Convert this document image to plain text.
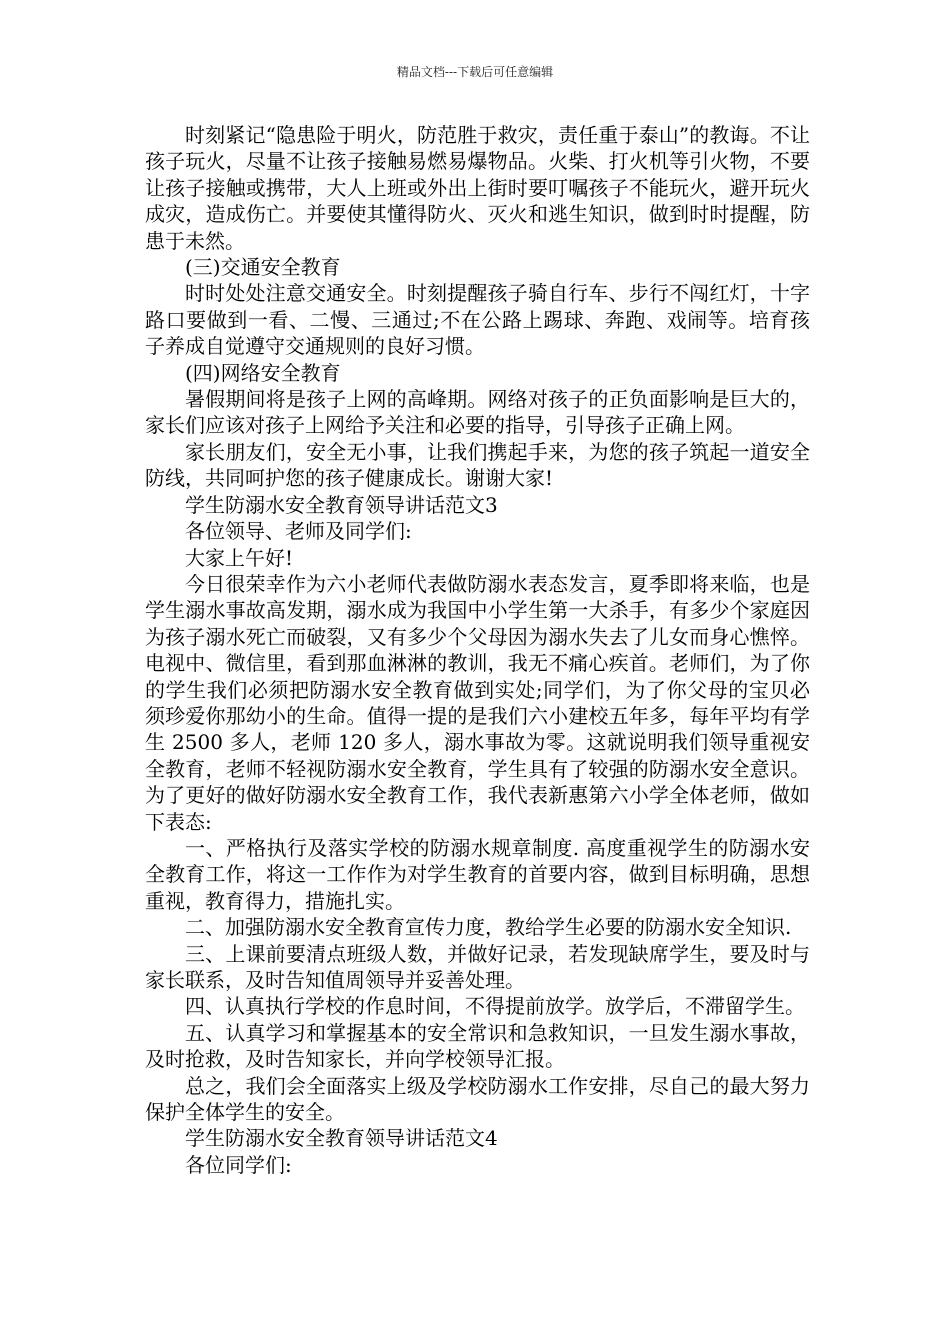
精品文档---下载后可任意编辑

时刻紧记“隐患险于明火，防范胜于救灾，责任重于泰山”的教诲。不让孩子玩火，尽量不让孩子接触易燃易爆物品。火柴、打火机等引火物，不要让孩子接触或携带，大人上班或外出上街时要叮嘱孩子不能玩火，避开玩火成灾，造成伤亡。并要使其懂得防火、灭火和逃生知识，做到时时提醒，防患于未然。

(三)交通安全教育

时时处处注意交通安全。时刻提醒孩子骑自行车、步行不闯红灯，十字路口要做到一看、二慢、三通过;不在公路上踢球、奔跑、戏闹等。培育孩子养成自觉遵守交通规则的良好习惯。

(四)网络安全教育

暑假期间将是孩子上网的高峰期。网络对孩子的正负面影响是巨大的，家长们应该对孩子上网给予关注和必要的指导，引导孩子正确上网。

家长朋友们，安全无小事，让我们携起手来，为您的孩子筑起一道安全防线，共同呵护您的孩子健康成长。谢谢大家!

学生防溺水安全教育领导讲话范文3

各位领导、老师及同学们:

大家上午好!

今日很荣幸作为六小老师代表做防溺水表态发言，夏季即将来临，也是学生溺水事故高发期，溺水成为我国中小学生第一大杀手，有多少个家庭因为孩子溺水死亡而破裂，又有多少个父母因为溺水失去了儿女而身心憔悴。电视中、微信里，看到那血淋淋的教训，我无不痛心疾首。老师们，为了你的学生我们必须把防溺水安全教育做到实处;同学们，为了你父母的宝贝必须珍爱你那幼小的生命。值得一提的是我们六小建校五年多，每年平均有学生 2500 多人，老师 120 多人，溺水事故为零。这就说明我们领导重视安全教育，老师不轻视防溺水安全教育，学生具有了较强的防溺水安全意识。为了更好的做好防溺水安全教育工作，我代表新惠第六小学全体老师，做如下表态:

一、严格执行及落实学校的防溺水规章制度. 高度重视学生的防溺水安全教育工作，将这一工作作为对学生教育的首要内容，做到目标明确，思想重视，教育得力，措施扎实。

二、加强防溺水安全教育宣传力度，教给学生必要的防溺水安全知识.

三、上课前要清点班级人数，并做好记录，若发现缺席学生，要及时与家长联系，及时告知值周领导并妥善处理。

四、认真执行学校的作息时间，不得提前放学。放学后，不滞留学生。

五、认真学习和掌握基本的安全常识和急救知识，一旦发生溺水事故，及时抢救，及时告知家长，并向学校领导汇报。

总之，我们会全面落实上级及学校防溺水工作安排，尽自己的最大努力保护全体学生的安全。

学生防溺水安全教育领导讲话范文4

各位同学们:
